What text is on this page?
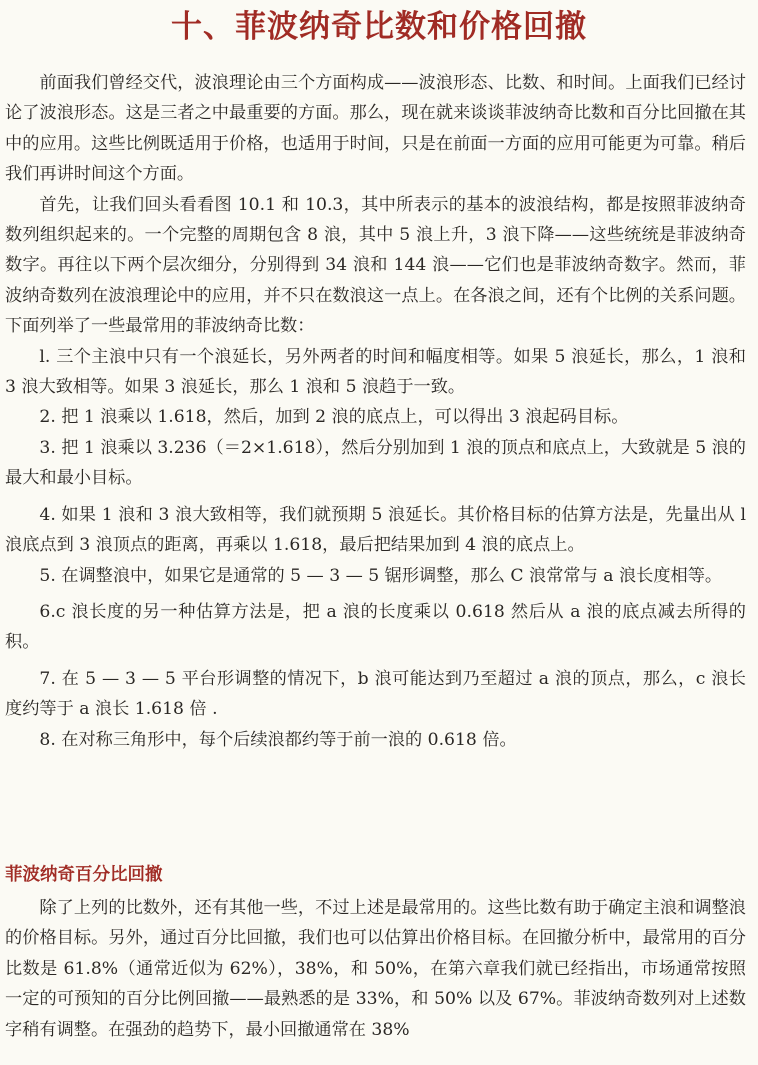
十、菲波纳奇比数和价格回撤

前面我们曾经交代，波浪理论由三个方面构成——波浪形态、比数、和时间。上面我们已经讨论了波浪形态。这是三者之中最重要的方面。那么，现在就来谈谈菲波纳奇比数和百分比回撤在其中的应用。这些比例既适用于价格，也适用于时间，只是在前面一方面的应用可能更为可靠。稍后我们再讲时间这个方面。

首先，让我们回头看看图 10.1 和 10.3，其中所表示的基本的波浪结构，都是按照菲波纳奇数列组织起来的。一个完整的周期包含 8 浪，其中 5 浪上升，3 浪下降——这些统统是菲波纳奇数字。再往以下两个层次细分，分别得到 34 浪和 144 浪——它们也是菲波纳奇数字。然而，菲波纳奇数列在波浪理论中的应用，并不只在数浪这一点上。在各浪之间，还有个比例的关系问题。下面列举了一些最常用的菲波纳奇比数：

l. 三个主浪中只有一个浪延长，另外两者的时间和幅度相等。如果 5 浪延长，那么，1 浪和 3 浪大致相等。如果 3 浪延长，那么 1 浪和 5 浪趋于一致。

2. 把 1 浪乘以 1.618，然后，加到 2 浪的底点上，可以得出 3 浪起码目标。

3. 把 1 浪乘以 3.236（＝2×1.618），然后分别加到 1 浪的顶点和底点上，大致就是 5 浪的最大和最小目标。

4. 如果 1 浪和 3 浪大致相等，我们就预期 5 浪延长。其价格目标的估算方法是，先量出从 l 浪底点到 3 浪顶点的距离，再乘以 1.618，最后把结果加到 4 浪的底点上。

5. 在调整浪中，如果它是通常的 5 — 3 — 5 锯形调整，那么 C 浪常常与 a 浪长度相等。

6.c 浪长度的另一种估算方法是，把 a 浪的长度乘以 0.618 然后从 a 浪的底点减去所得的积。

7. 在 5 — 3 — 5 平台形调整的情况下，b 浪可能达到乃至超过 a 浪的顶点，那么，c 浪长度约等于 a 浪长 1.618 倍 .

8. 在对称三角形中，每个后续浪都约等于前一浪的 0.618 倍。

菲波纳奇百分比回撤

除了上列的比数外，还有其他一些，不过上述是最常用的。这些比数有助于确定主浪和调整浪的价格目标。另外，通过百分比回撤，我们也可以估算出价格目标。在回撤分析中，最常用的百分比数是 61.8%（通常近似为 62%），38%，和 50%，在第六章我们就已经指出，市场通常按照一定的可预知的百分比例回撤——最熟悉的是 33%，和 50% 以及 67%。菲波纳奇数列对上述数字稍有调整。在强劲的趋势下，最小回撤通常在 38%
